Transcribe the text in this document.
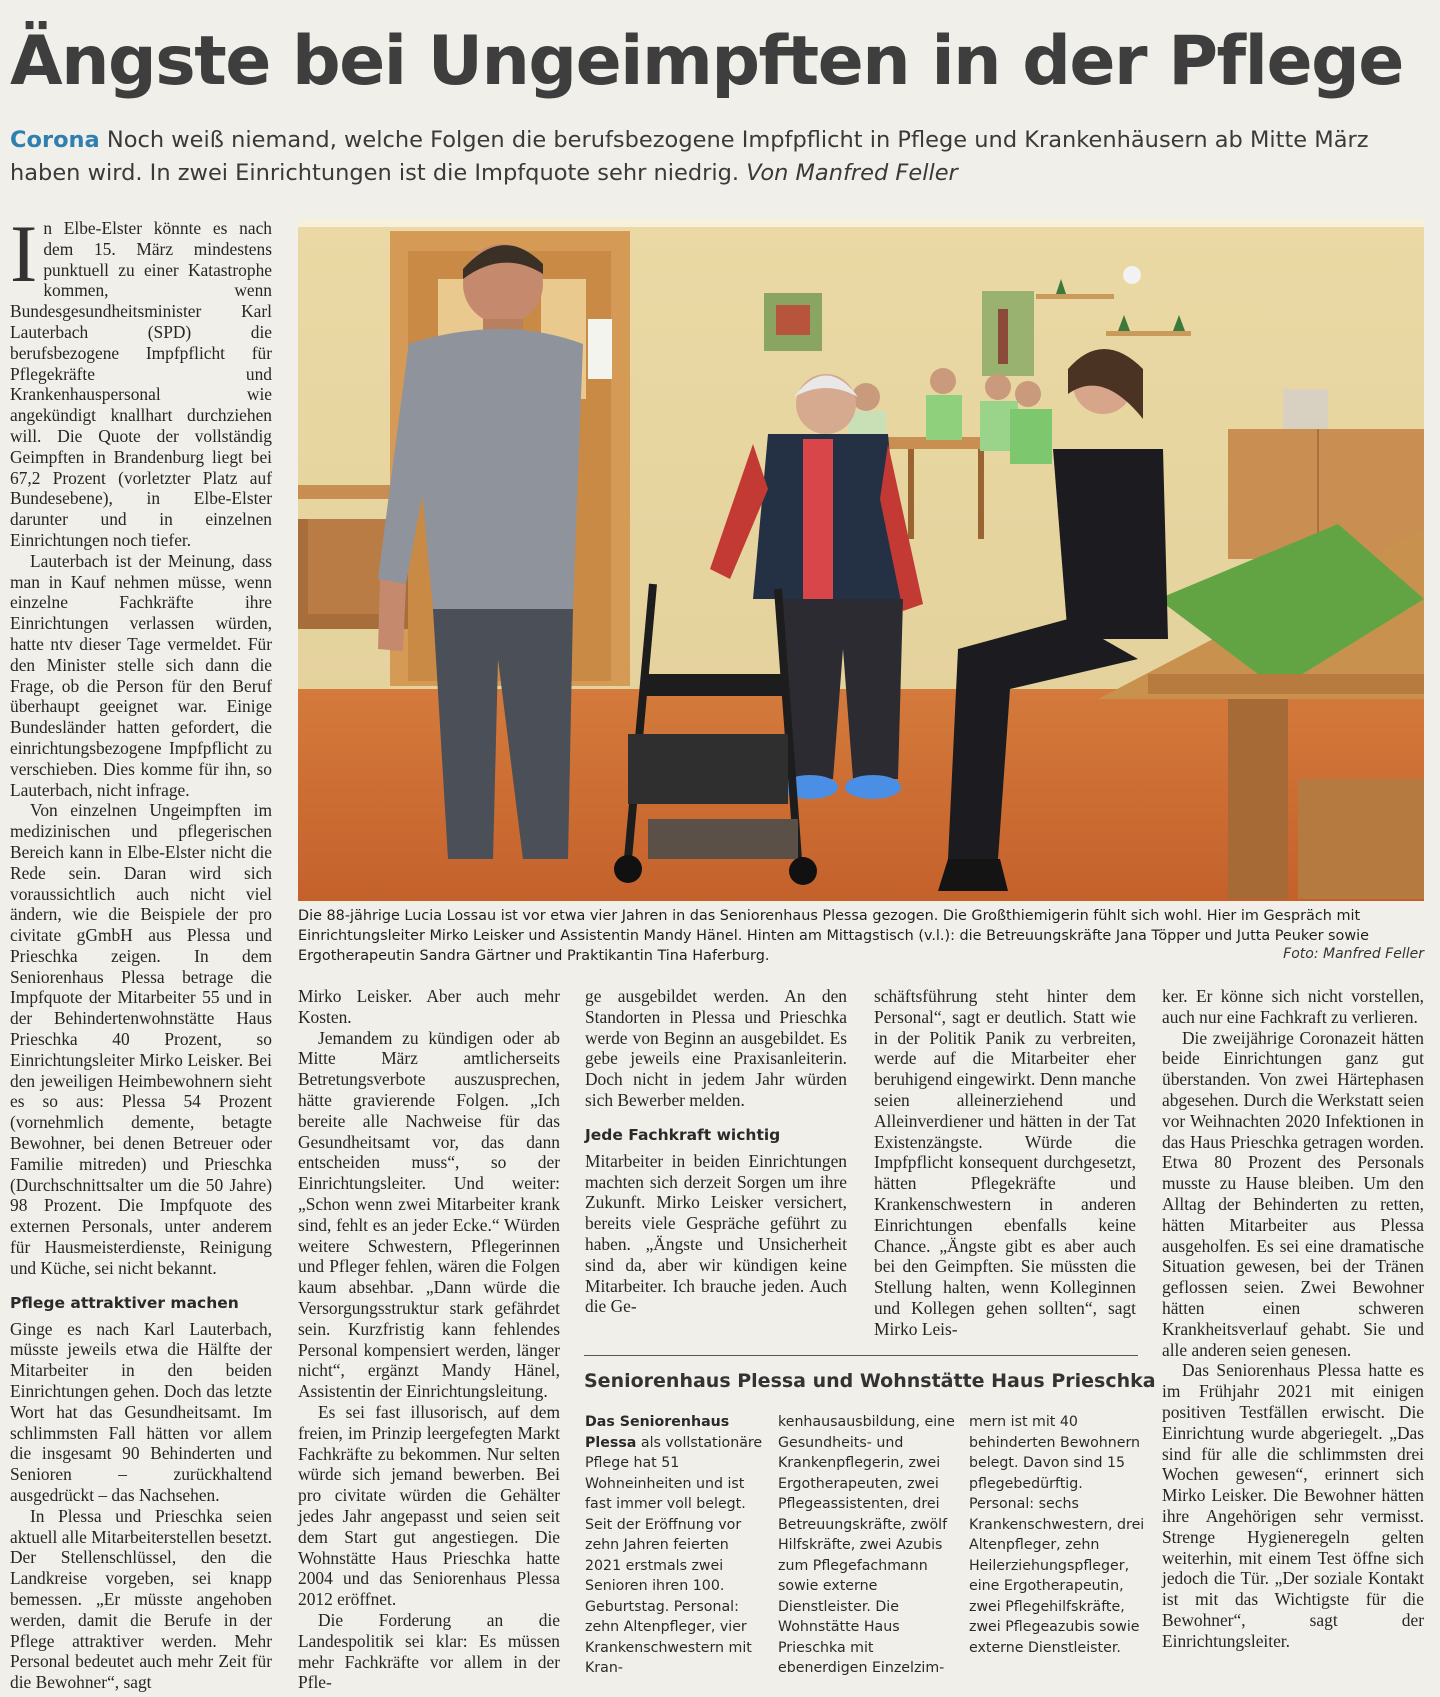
Ängste bei Ungeimpften in der Pflege

Corona Noch weiß niemand, welche Folgen die berufsbezogene Impfpflicht in Pflege und Krankenhäusern ab Mitte März haben wird. In zwei Einrichtungen ist die Impfquote sehr niedrig. Von Manfred Feller

In Elbe-Elster könnte es nach dem 15. März mindestens punktuell zu einer Katastrophe kommen, wenn Bundesgesundheitsminister Karl Lauterbach (SPD) die berufsbezogene Impfpflicht für Pflegekräfte und Krankenhauspersonal wie angekündigt knallhart durchziehen will. Die Quote der vollständig Geimpften in Brandenburg liegt bei 67,2 Prozent (vorletzter Platz auf Bundesebene), in Elbe-Elster darunter und in einzelnen Einrichtungen noch tiefer.

Lauterbach ist der Meinung, dass man in Kauf nehmen müsse, wenn einzelne Fachkräfte ihre Einrichtungen verlassen würden, hatte ntv dieser Tage vermeldet. Für den Minister stelle sich dann die Frage, ob die Person für den Beruf überhaupt geeignet war. Einige Bundesländer hatten gefordert, die einrichtungsbezogene Impfpflicht zu verschieben. Dies komme für ihn, so Lauterbach, nicht infrage.

Von einzelnen Ungeimpften im medizinischen und pflegerischen Bereich kann in Elbe-Elster nicht die Rede sein. Daran wird sich voraussichtlich auch nicht viel ändern, wie die Beispiele der pro civitate gGmbH aus Plessa und Prieschka zeigen. In dem Seniorenhaus Plessa betrage die Impfquote der Mitarbeiter 55 und in der Behindertenwohnstätte Haus Prieschka 40 Prozent, so Einrichtungsleiter Mirko Leisker. Bei den jeweiligen Heimbewohnern sieht es so aus: Plessa 54 Prozent (vornehmlich demente, betagte Bewohner, bei denen Betreuer oder Familie mitreden) und Prieschka (Durchschnittsalter um die 50 Jahre) 98 Prozent. Die Impfquote des externen Personals, unter anderem für Hausmeisterdienste, Reinigung und Küche, sei nicht bekannt.

Pflege attraktiver machen

Ginge es nach Karl Lauterbach, müsste jeweils etwa die Hälfte der Mitarbeiter in den beiden Einrichtungen gehen. Doch das letzte Wort hat das Gesundheitsamt. Im schlimmsten Fall hätten vor allem die insgesamt 90 Behinderten und Senioren – zurückhaltend ausgedrückt – das Nachsehen.

In Plessa und Prieschka seien aktuell alle Mitarbeiterstellen besetzt. Der Stellenschlüssel, den die Landkreise vorgeben, sei knapp bemessen. „Er müsste angehoben werden, damit die Berufe in der Pflege attraktiver werden. Mehr Personal bedeutet auch mehr Zeit für die Bewohner“, sagt

Die 88-jährige Lucia Lossau ist vor etwa vier Jahren in das Seniorenhaus Plessa gezogen. Die Großthiemigerin fühlt sich wohl. Hier im Gespräch mit Einrichtungsleiter Mirko Leisker und Assistentin Mandy Hänel. Hinten am Mittagstisch (v.l.): die Betreuungskräfte Jana Töpper und Jutta Peuker sowie Ergotherapeutin Sandra Gärtner und Praktikantin Tina Haferburg.	Foto: Manfred Feller

Mirko Leisker. Aber auch mehr Kosten.

Jemandem zu kündigen oder ab Mitte März amtlicherseits Betretungsverbote auszusprechen, hätte gravierende Folgen. „Ich bereite alle Nachweise für das Gesundheitsamt vor, das dann entscheiden muss“, so der Einrichtungsleiter. Und weiter: „Schon wenn zwei Mitarbeiter krank sind, fehlt es an jeder Ecke.“ Würden weitere Schwestern, Pflegerinnen und Pfleger fehlen, wären die Folgen kaum absehbar. „Dann würde die Versorgungsstruktur stark gefährdet sein. Kurzfristig kann fehlendes Personal kompensiert werden, länger nicht“, ergänzt Mandy Hänel, Assistentin der Einrichtungsleitung.

Es sei fast illusorisch, auf dem freien, im Prinzip leergefegten Markt Fachkräfte zu bekommen. Nur selten würde sich jemand bewerben. Bei pro civitate würden die Gehälter jedes Jahr angepasst und seien seit dem Start gut angestiegen. Die Wohnstätte Haus Prieschka hatte 2004 und das Seniorenhaus Plessa 2012 eröffnet.

Die Forderung an die Landespolitik sei klar: Es müssen mehr Fachkräfte vor allem in der Pfle-

ge ausgebildet werden. An den Standorten in Plessa und Prieschka werde von Beginn an ausgebildet. Es gebe jeweils eine Praxisanleiterin. Doch nicht in jedem Jahr würden sich Bewerber melden.

Jede Fachkraft wichtig

Mitarbeiter in beiden Einrichtungen machten sich derzeit Sorgen um ihre Zukunft. Mirko Leisker versichert, bereits viele Gespräche geführt zu haben. „Ängste und Unsicherheit sind da, aber wir kündigen keine Mitarbeiter. Ich brauche jeden. Auch die Ge-

schäftsführung steht hinter dem Personal“, sagt er deutlich. Statt wie in der Politik Panik zu verbreiten, werde auf die Mitarbeiter eher beruhigend eingewirkt. Denn manche seien alleinerziehend und Alleinverdiener und hätten in der Tat Existenzängste. Würde die Impfpflicht konsequent durchgesetzt, hätten Pflegekräfte und Krankenschwestern in anderen Einrichtungen ebenfalls keine Chance. „Ängste gibt es aber auch bei den Geimpften. Sie müssten die Stellung halten, wenn Kolleginnen und Kollegen gehen sollten“, sagt Mirko Leis-

ker. Er könne sich nicht vorstellen, auch nur eine Fachkraft zu verlieren.

Die zweijährige Coronazeit hätten beide Einrichtungen ganz gut überstanden. Von zwei Härtephasen abgesehen. Durch die Werkstatt seien vor Weihnachten 2020 Infektionen in das Haus Prieschka getragen worden. Etwa 80 Prozent des Personals musste zu Hause bleiben. Um den Alltag der Behinderten zu retten, hätten Mitarbeiter aus Plessa ausgeholfen. Es sei eine dramatische Situation gewesen, bei der Tränen geflossen seien. Zwei Bewohner hätten einen schweren Krankheitsverlauf gehabt. Sie und alle anderen seien genesen.

Das Seniorenhaus Plessa hatte es im Frühjahr 2021 mit einigen positiven Testfällen erwischt. Die Einrichtung wurde abgeriegelt. „Das sind für alle die schlimmsten drei Wochen gewesen“, erinnert sich Mirko Leisker. Die Bewohner hätten ihre Angehörigen sehr vermisst. Strenge Hygieneregeln gelten weiterhin, mit einem Test öffne sich jedoch die Tür. „Der soziale Kontakt ist mit das Wichtigste für die Bewohner“, sagt der Einrichtungsleiter.

Seniorenhaus Plessa und Wohnstätte Haus Prieschka

Das Seniorenhaus Plessa als vollstationäre Pflege hat 51 Wohneinheiten und ist fast immer voll belegt. Seit der Eröffnung vor zehn Jahren feierten 2021 erstmals zwei Senioren ihren 100. Geburtstag. Personal: zehn Altenpfleger, vier Krankenschwestern mit Kran-

kenhausausbildung, eine Gesundheits- und Krankenpflegerin, zwei Ergotherapeuten, zwei Pflegeassistenten, drei Betreuungskräfte, zwölf Hilfskräfte, zwei Azubis zum Pflegefachmann sowie externe Dienstleister. Die Wohnstätte Haus Prieschka mit ebenerdigen Einzelzim-

mern ist mit 40 behinderten Bewohnern belegt. Davon sind 15 pflegebedürftig. Personal: sechs Krankenschwestern, drei Altenpfleger, zehn Heilerziehungspfleger, eine Ergotherapeutin, zwei Pflegehilfskräfte, zwei Pflegeazubis sowie externe Dienstleister.
